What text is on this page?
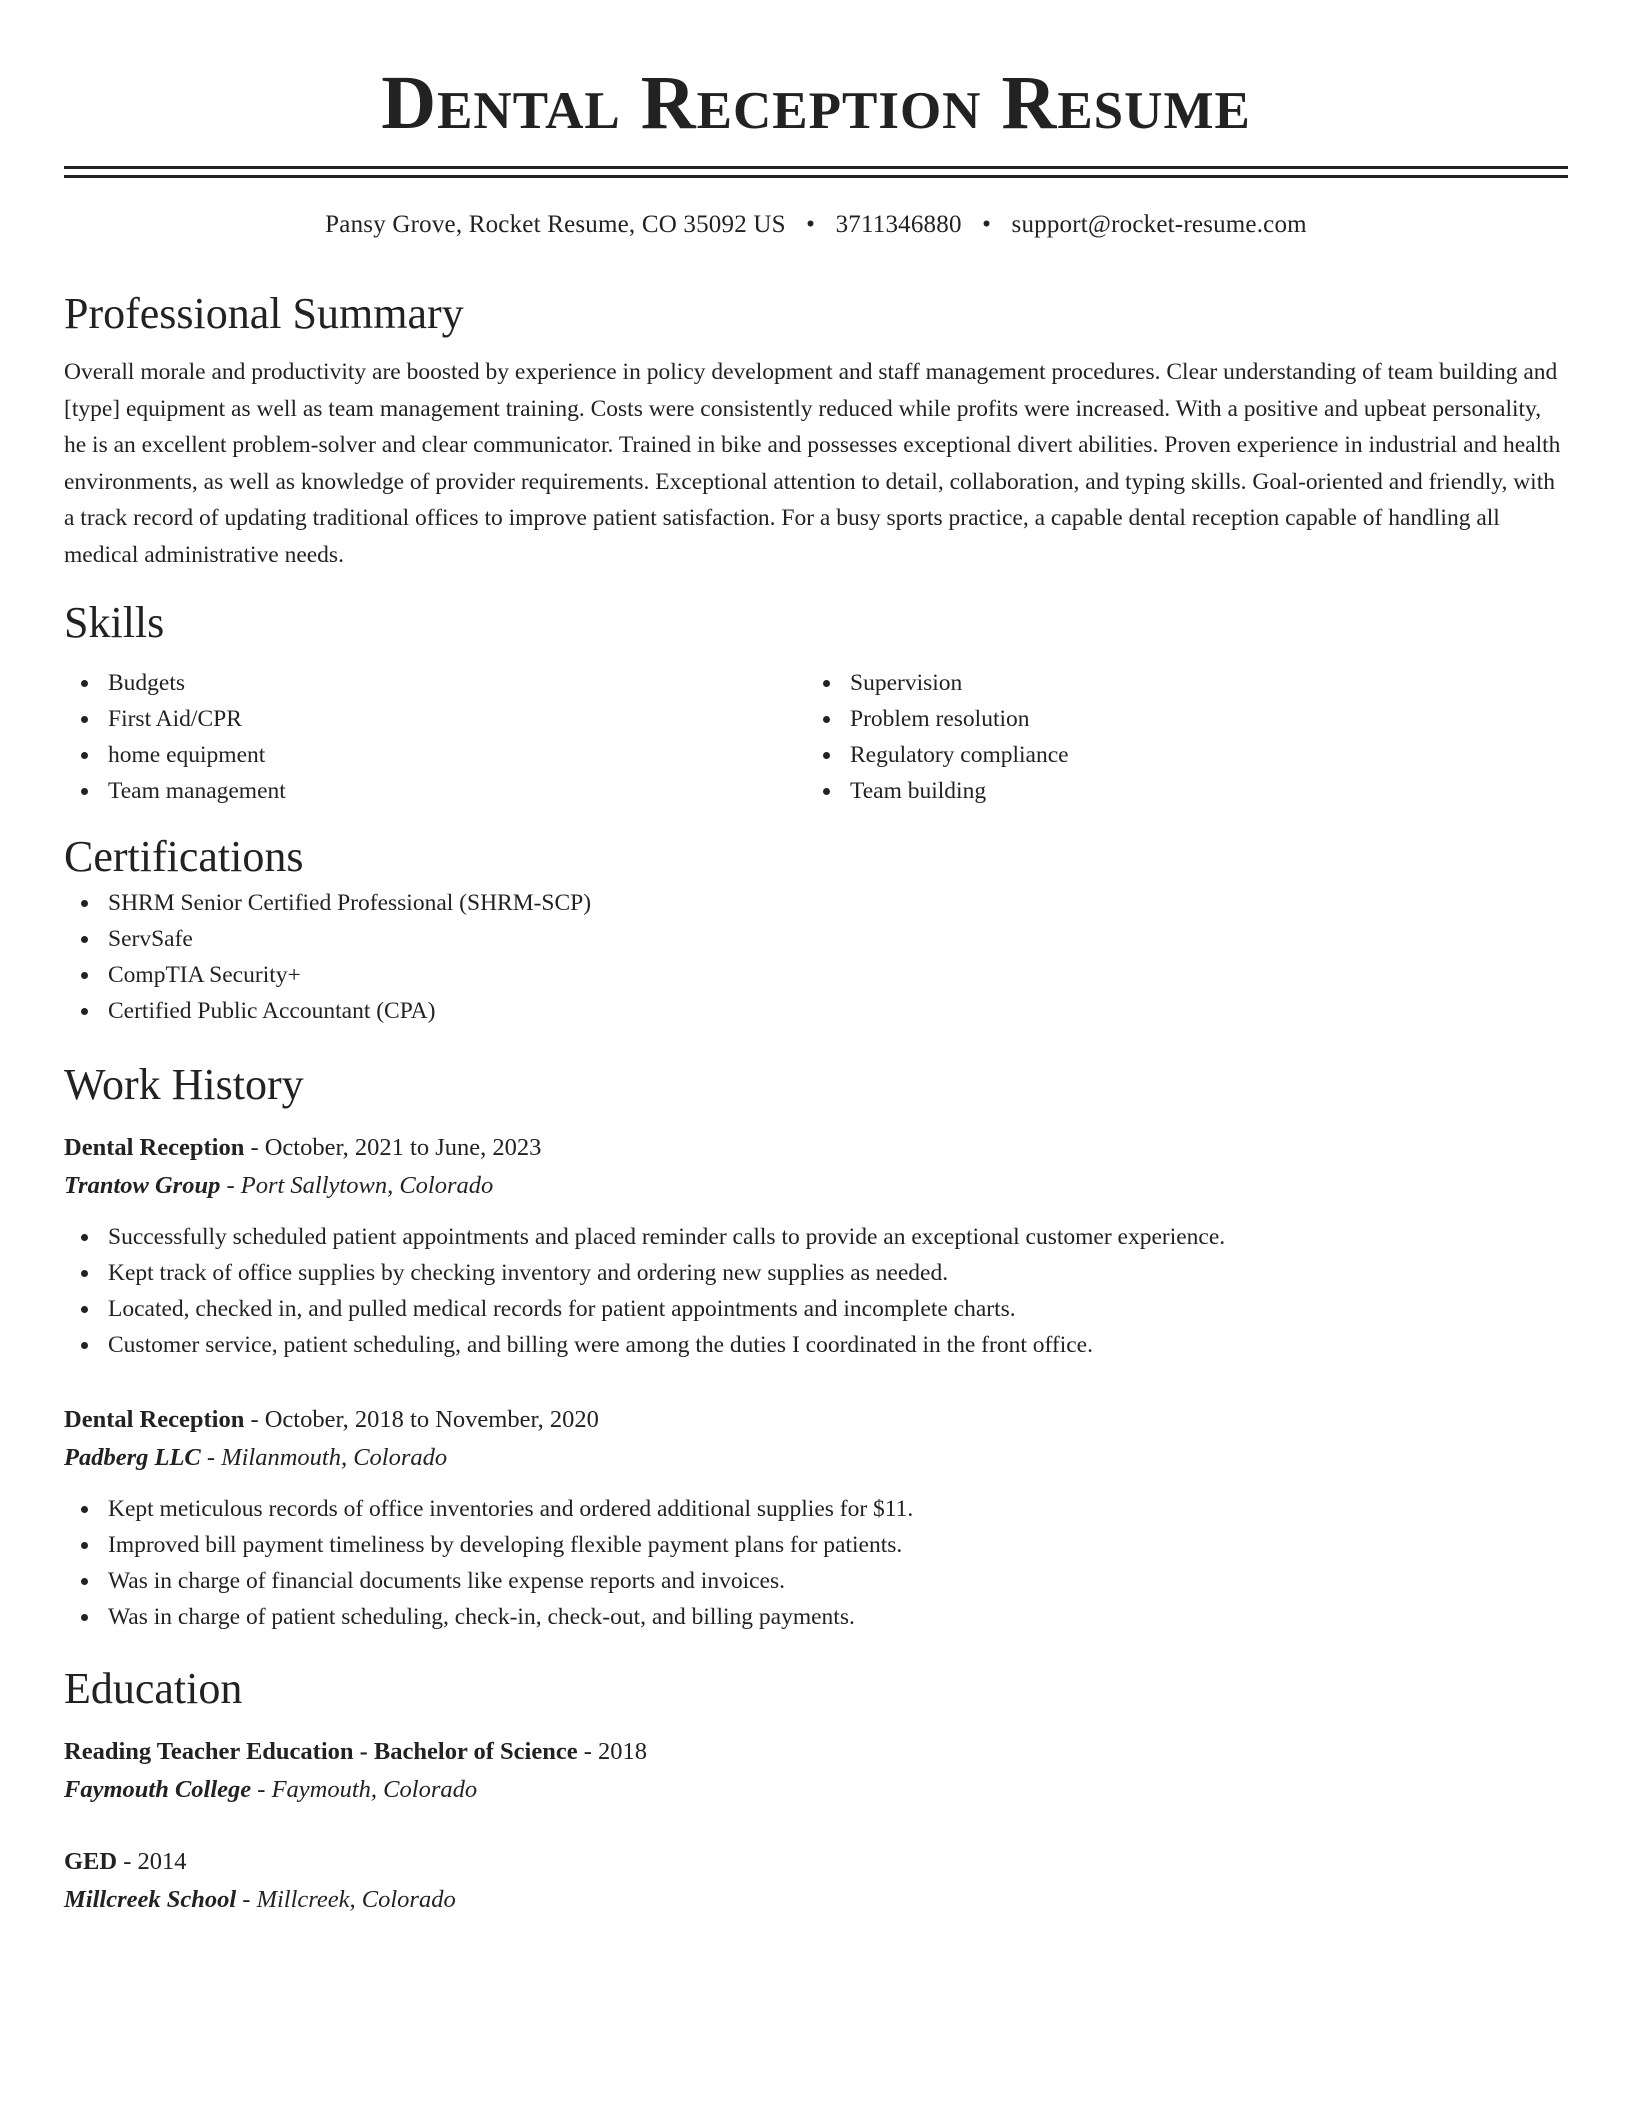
Dental Reception Resume
Pansy Grove, Rocket Resume, CO 35092 US • 3711346880 • support@rocket-resume.com
Professional Summary

Overall morale and productivity are boosted by experience in policy development and staff management procedures. Clear understanding of team building and [type] equipment as well as team management training. Costs were consistently reduced while profits were increased. With a positive and upbeat personality, he is an excellent problem-solver and clear communicator. Trained in bike and possesses exceptional divert abilities. Proven experience in industrial and health environments, as well as knowledge of provider requirements. Exceptional attention to detail, collaboration, and typing skills. Goal-oriented and friendly, with a track record of updating traditional offices to improve patient satisfaction. For a busy sports practice, a capable dental reception capable of handling all medical administrative needs.

Skills
Budgets
First Aid/CPR
home equipment
Team management
Supervision
Problem resolution
Regulatory compliance
Team building
Certifications
SHRM Senior Certified Professional (SHRM-SCP)
ServSafe
CompTIA Security+
Certified Public Accountant (CPA)
Work History
Dental Reception - October, 2021 to June, 2023
Trantow Group - Port Sallytown, Colorado
Successfully scheduled patient appointments and placed reminder calls to provide an exceptional customer experience.
Kept track of office supplies by checking inventory and ordering new supplies as needed.
Located, checked in, and pulled medical records for patient appointments and incomplete charts.
Customer service, patient scheduling, and billing were among the duties I coordinated in the front office.
Dental Reception - October, 2018 to November, 2020
Padberg LLC - Milanmouth, Colorado
Kept meticulous records of office inventories and ordered additional supplies for $11.
Improved bill payment timeliness by developing flexible payment plans for patients.
Was in charge of financial documents like expense reports and invoices.
Was in charge of patient scheduling, check-in, check-out, and billing payments.
Education
Reading Teacher Education - Bachelor of Science - 2018
Faymouth College - Faymouth, Colorado
GED - 2014
Millcreek School - Millcreek, Colorado
